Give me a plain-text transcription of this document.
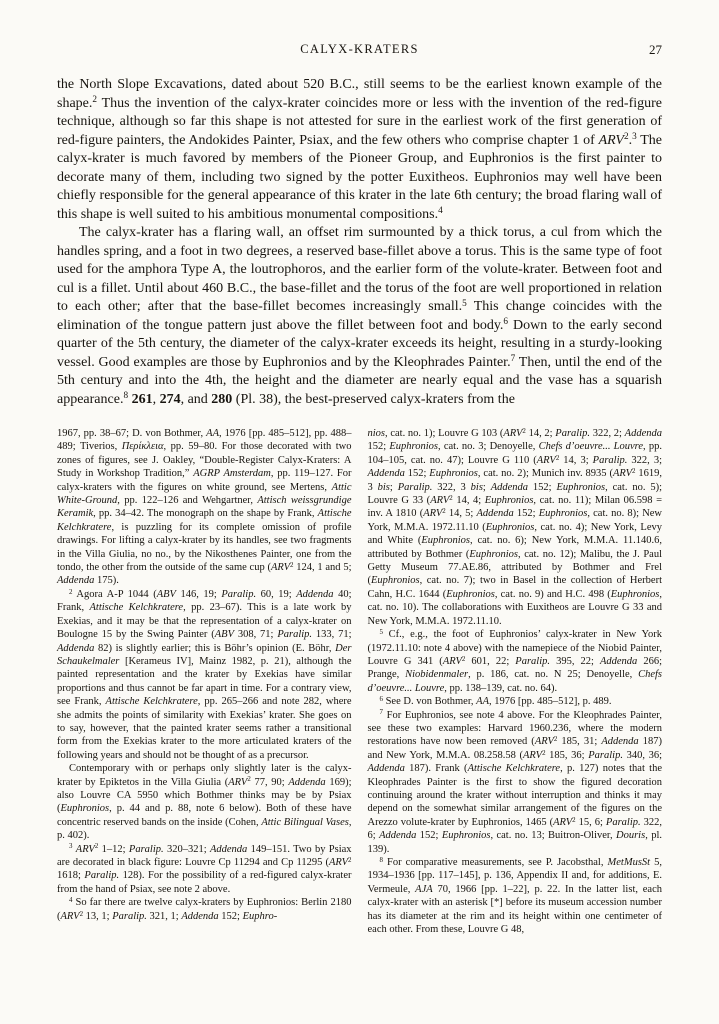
CALYX-KRATERS	27

the North Slope Excavations, dated about 520 B.C., still seems to be the earliest known example of the shape.$^2$ Thus the invention of the calyx-krater coincides more or less with the invention of the red-figure technique, although so far this shape is not attested for sure in the earliest work of the first generation of red-figure painters, the Andokides Painter, Psiax, and the few others who comprise chapter 1 of ARV$^2$.$^3$ The calyx-krater is much favored by members of the Pioneer Group, and Euphronios is the first painter to decorate many of them, including two signed by the potter Euxitheos. Euphronios may well have been chiefly responsible for the general appearance of this krater in the late 6th century; the broad flaring wall of this shape is well suited to his ambitious monumental compositions.$^4$

The calyx-krater has a flaring wall, an offset rim surmounted by a thick torus, a cul from which the handles spring, and a foot in two degrees, a reserved base-fillet above a torus. This is the same type of foot used for the amphora Type A, the loutrophoros, and the earlier form of the volute-krater. Between foot and cul is a fillet. Until about 460 B.C., the base-fillet and the torus of the foot are well proportioned in relation to each other; after that the base-fillet becomes increasingly small.$^5$ This change coincides with the elimination of the tongue pattern just above the fillet between foot and body.$^6$ Down to the early second quarter of the 5th century, the diameter of the calyx-krater exceeds its height, resulting in a sturdy-looking vessel. Good examples are those by Euphronios and by the Kleophrades Painter.$^7$ Then, until the end of the 5th century and into the 4th, the height and the diameter are nearly equal and the vase has a squarish appearance.$^8$ 261, 274, and 280 (Pl. 38), the best-preserved calyx-kraters from the

1967, pp. 38–67; D. von Bothmer, AA, 1976 [pp. 485–512], pp. 488–489; Tiverios, Περίκλεια, pp. 59–80. For those decorated with two zones of figures, see J. Oakley, “Double-Register Calyx-Kraters: A Study in Workshop Tradition,” AGRP Amsterdam, pp. 119–127. For calyx-kraters with the figures on white ground, see Mertens, Attic White-Ground, pp. 122–126 and Wehgartner, Attisch weissgrundige Keramik, pp. 34–42. The monograph on the shape by Frank, Attische Kelchkratere, is puzzling for its complete omission of profile drawings. For lifting a calyx-krater by its handles, see two fragments in the Villa Giulia, no no., by the Nikosthenes Painter, one from the tondo, the other from the outside of the same cup (ARV$^2$ 124, 1 and 5; Addenda 175).

$^2$ Agora A-P 1044 (ABV 146, 19; Paralip. 60, 19; Addenda 40; Frank, Attische Kelchkratere, pp. 23–67). This is a late work by Exekias, and it may be that the representation of a calyx-krater on Boulogne 15 by the Swing Painter (ABV 308, 71; Paralip. 133, 71; Addenda 82) is slightly earlier; this is Böhr’s opinion (E. Böhr, Der Schaukelmaler [Kerameus IV], Mainz 1982, p. 21), although the painted representation and the krater by Exekias have similar proportions and thus cannot be far apart in time. For a contrary view, see Frank, Attische Kelchkratere, pp. 265–266 and note 282, where she admits the points of similarity with Exekias’ krater. She goes on to say, however, that the painted krater seems rather a transitional form from the Exekias krater to the more articulated kraters of the following years and should not be thought of as a precursor.

Contemporary with or perhaps only slightly later is the calyx-krater by Epiktetos in the Villa Giulia (ARV$^2$ 77, 90; Addenda 169); also Louvre CA 5950 which Bothmer thinks may be by Psiax (Euphronios, p. 44 and p. 88, note 6 below). Both of these have concentric reserved bands on the inside (Cohen, Attic Bilingual Vases, p. 402).

$^3$ ARV$^2$ 1–12; Paralip. 320–321; Addenda 149–151. Two by Psiax are decorated in black figure: Louvre Cp 11294 and Cp 11295 (ARV$^2$ 1618; Paralip. 128). For the possibility of a red-figured calyx-krater from the hand of Psiax, see note 2 above.

$^4$ So far there are twelve calyx-kraters by Euphronios: Berlin 2180 (ARV$^2$ 13, 1; Paralip. 321, 1; Addenda 152; Euphro-

nios, cat. no. 1); Louvre G 103 (ARV$^2$ 14, 2; Paralip. 322, 2; Addenda 152; Euphronios, cat. no. 3; Denoyelle, Chefs d’oeuvre... Louvre, pp. 104–105, cat. no. 47); Louvre G 110 (ARV$^2$ 14, 3; Paralip. 322, 3; Addenda 152; Euphronios, cat. no. 2); Munich inv. 8935 (ARV$^2$ 1619, 3 bis; Paralip. 322, 3 bis; Addenda 152; Euphronios, cat. no. 5); Louvre G 33 (ARV$^2$ 14, 4; Euphronios, cat. no. 11); Milan 06.598 = inv. A 1810 (ARV$^2$ 14, 5; Addenda 152; Euphronios, cat. no. 8); New York, M.M.A. 1972.11.10 (Euphronios, cat. no. 4); New York, Levy and White (Euphronios, cat. no. 6); New York, M.M.A. 11.140.6, attributed by Bothmer (Euphronios, cat. no. 12); Malibu, the J. Paul Getty Museum 77.AE.86, attributed by Bothmer and Frel (Euphronios, cat. no. 7); two in Basel in the collection of Herbert Cahn, H.C. 1644 (Euphronios, cat. no. 9) and H.C. 498 (Euphronios, cat. no. 10). The collaborations with Euxitheos are Louvre G 33 and New York, M.M.A. 1972.11.10.

$^5$ Cf., e.g., the foot of Euphronios’ calyx-krater in New York (1972.11.10: note 4 above) with the namepiece of the Niobid Painter, Louvre G 341 (ARV$^2$ 601, 22; Paralip. 395, 22; Addenda 266; Prange, Niobidenmaler, p. 186, cat. no. N 25; Denoyelle, Chefs d’oeuvre... Louvre, pp. 138–139, cat. no. 64).

$^6$ See D. von Bothmer, AA, 1976 [pp. 485–512], p. 489.

$^7$ For Euphronios, see note 4 above. For the Kleophrades Painter, see these two examples: Harvard 1960.236, where the modern restorations have now been removed (ARV$^2$ 185, 31; Addenda 187) and New York, M.M.A. 08.258.58 (ARV$^2$ 185, 36; Paralip. 340, 36; Addenda 187). Frank (Attische Kelchkratere, p. 127) notes that the Kleophrades Painter is the first to show the figured decoration continuing around the krater without interruption and thinks it may depend on the somewhat similar arrangement of the figures on the Arezzo volute-krater by Euphronios, 1465 (ARV$^2$ 15, 6; Paralip. 322, 6; Addenda 152; Euphronios, cat. no. 13; Buitron-Oliver, Douris, pl. 139).

$^8$ For comparative measurements, see P. Jacobsthal, MetMusSt 5, 1934–1936 [pp. 117–145], p. 136, Appendix II and, for additions, E. Vermeule, AJA 70, 1966 [pp. 1–22], p. 22. In the latter list, each calyx-krater with an asterisk [*] before its museum accession number has its diameter at the rim and its height within one centimeter of each other. From these, Louvre G 48,
